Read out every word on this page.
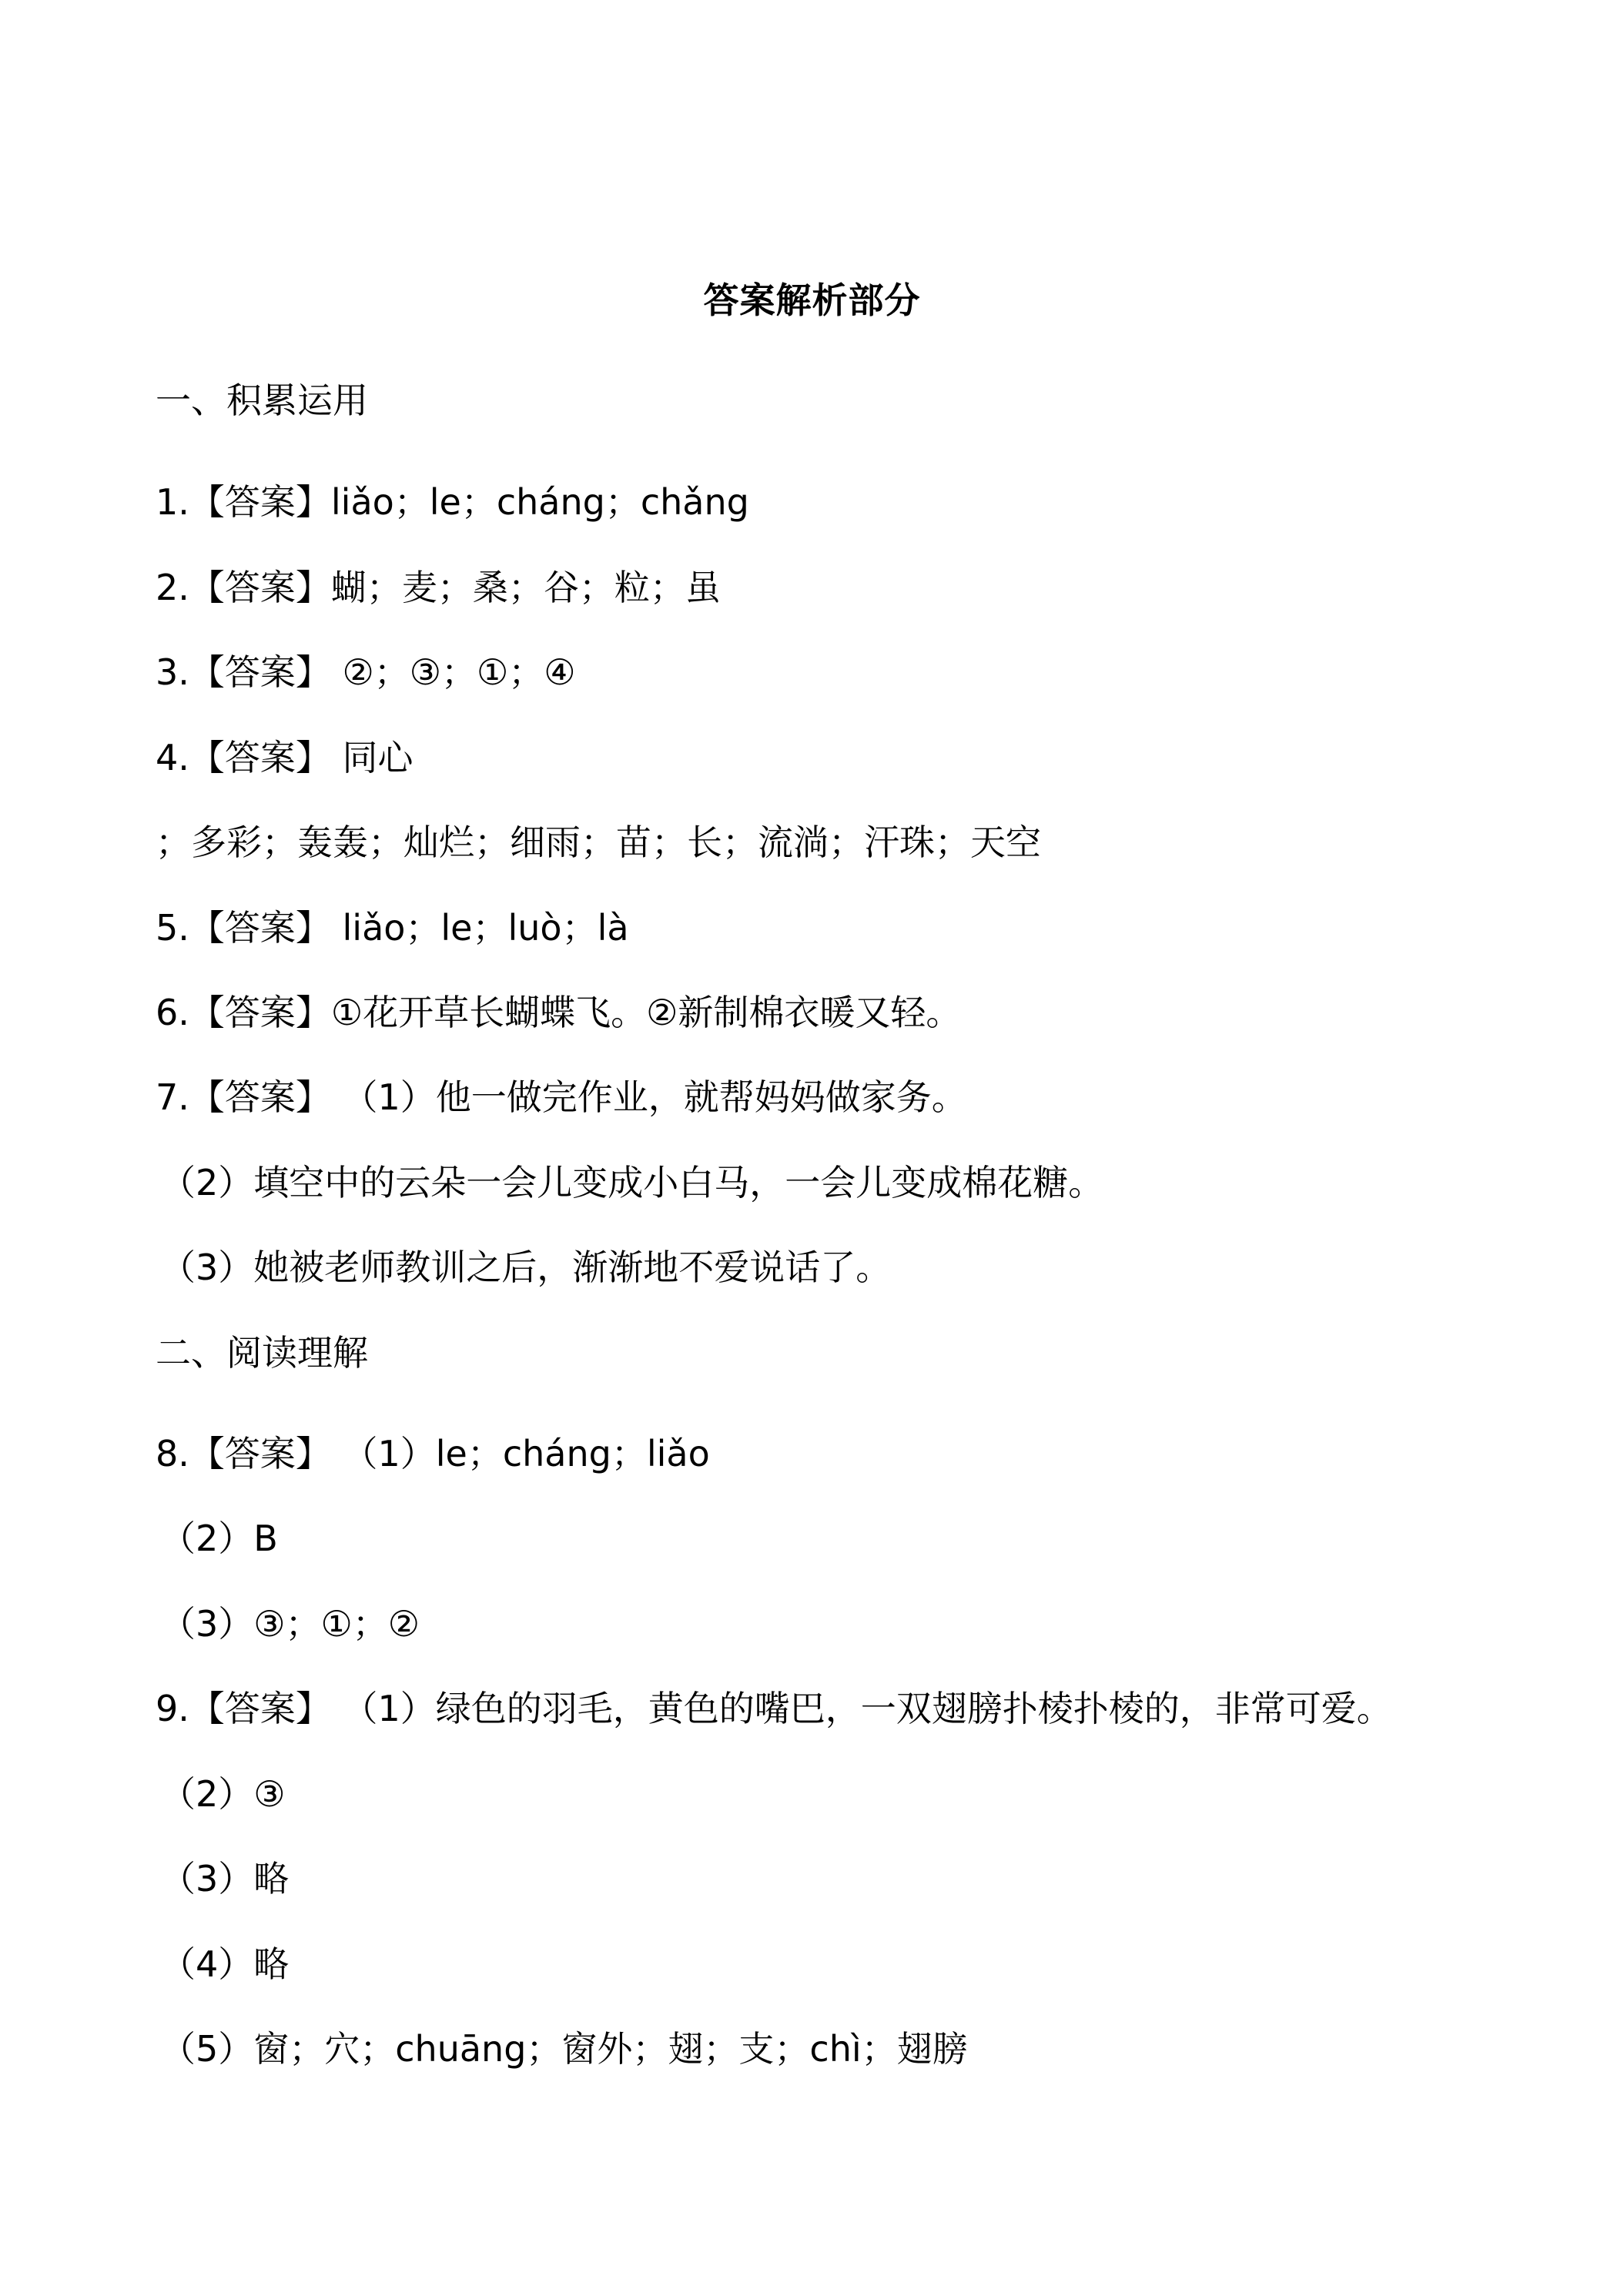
答案解析部分
一、积累运用
1.【答案】liǎo；le；cháng；chǎng
2.【答案】蝴；麦；桑；谷；粒；虽
3.【答案】 ②；③；①；④
4.【答案】 同心
；多彩；轰轰；灿烂；细雨；苗；长；流淌；汗珠；天空
5.【答案】 liǎo；le；luò；là
6.【答案】①花开草长蝴蝶飞。②新制棉衣暖又轻。
7.【答案】 （1）他一做完作业，就帮妈妈做家务。
（2）填空中的云朵一会儿变成小白马，一会儿变成棉花糖。
（3）她被老师教训之后，渐渐地不爱说话了。
二、阅读理解
8.【答案】 （1）le；cháng；liǎo
（2）B
（3）③；①；②
9.【答案】 （1）绿色的羽毛，黄色的嘴巴，一双翅膀扑棱扑棱的，非常可爱。
（2）③
（3）略
（4）略
（5）窗；穴；chuāng；窗外；翅；支；chì；翅膀
